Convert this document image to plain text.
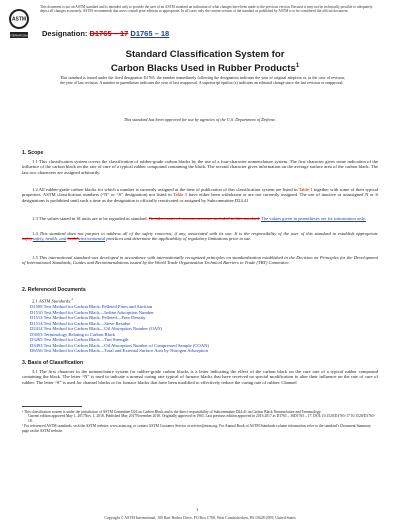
This document is not an ASTM standard and is intended only to provide the user of an ASTM standard an indication of what changes have been made to the previous version. Because it may not be technically possible to adequately depict all changes accurately, ASTM recommends that users consult prior editions as appropriate. In all cases only the current version of the standard as published by ASTM is to be considered the official document.
ASTM
INTERNATIONAL Designation: D1765 – 17 D1765 – 18
Standard Classification System for
Carbon Blacks Used in Rubber Products$^1$
This standard is issued under the fixed designation D1765; the number immediately following the designation indicates the year of original adoption or, in the case of revision, the year of last revision. A number in parentheses indicates the year of last reapproval. A superscript epsilon (ε) indicates an editorial change since the last revision or reapproval.
This standard has been approved for use by agencies of the U.S. Department of Defense.
1. Scope
1.1 This classification system covers the classification of rubber-grade carbon blacks by the use of a four-character nomenclature system. The first character gives some indication of the influence of the carbon black on the rate of cure of a typical rubber compound containing the black. The second character gives information on the average surface area of the carbon black. The last two characters are assigned arbitrarily.
1.2 All rubber-grade carbon blacks for which a number is currently assigned at the time of publication of this classification system are listed in Table 1 together with some of their typical properties. ASTM classification numbers (“N” or “S” designation) not listed in Table 1 have either been withdrawn or are not currently assigned. The use of inactive or unassigned N or S designations is prohibited until such a time as the designation is officially reactivated or assigned by Subcommittee D24.41
1.3 The values stated in SI units are to be regarded as standard. No other units of measurement are included in this standard. The values given in parentheses are for information only.
1.4 This standard does not purport to address all of the safety concerns, if any, associated with its use. It is the responsibility of the user of this standard to establish appropriate safetysafety, health, and healthenvironmental practices and determine the applicability of regulatory limitations prior to use.
1.5 This international standard was developed in accordance with internationally recognized principles on standardization established in the Decision on Principles for the Development of International Standards, Guides and Recommendations issued by the World Trade Organization Technical Barriers to Trade (TBT) Committee.
2. Referenced Documents
2.1 ASTM Standards:$^2$
D1508 Test Method for Carbon Black, Pelleted Fines and Attrition
D1510 Test Method for Carbon Black—Iodine Adsorption Number
D1513 Test Method for Carbon Black, Pelleted—Pour Density
D1514 Test Method for Carbon Black—Sieve Residue
D2414 Test Method for Carbon Black—Oil Absorption Number (OAN)
D3053 Terminology Relating to Carbon Black
D3265 Test Method for Carbon Black—Tint Strength
D3493 Test Method for Carbon Black—Oil Absorption Number of Compressed Sample (COAN)
D6556 Test Method for Carbon Black—Total and External Surface Area by Nitrogen Adsorption
3. Basis of Classification
3.1 The first character in the nomenclature system for rubber-grade carbon blacks is a letter indicating the effect of the carbon black on the cure rate of a typical rubber compound containing the black. The letter “N” is used to indicate a normal curing rate typical of furnace blacks that have received no special modification to alter their influence on the rate of cure of rubber. The letter “S” is used for channel blacks or for furnace blacks that have been modified to effectively reduce the curing rate of rubber. Channel
¹ This classification system is under the jurisdiction of ASTM Committee D24 on Carbon Black and is the direct responsibility of Subcommittee D24.41 on Carbon Black Nomenclature and Terminology.
Current edition approved May 1, 2017Nov. 1, 2018. Published May 2017November 2018. Originally approved in 1965. Last previous edition approved in 2016 2017 as D1765 – 16D1765 – 17. DOI: 10.1520/D1765-17 10.1520/D1765-18.
² For referenced ASTM standards, visit the ASTM website, www.astm.org, or contact ASTM Customer Service at service@astm.org. For Annual Book of ASTM Standards volume information, refer to the standard’s Document Summary page on the ASTM website.
1
Copyright © ASTM International, 100 Barr Harbor Drive, PO Box C700, West Conshohocken, PA 19428-2959. United States
